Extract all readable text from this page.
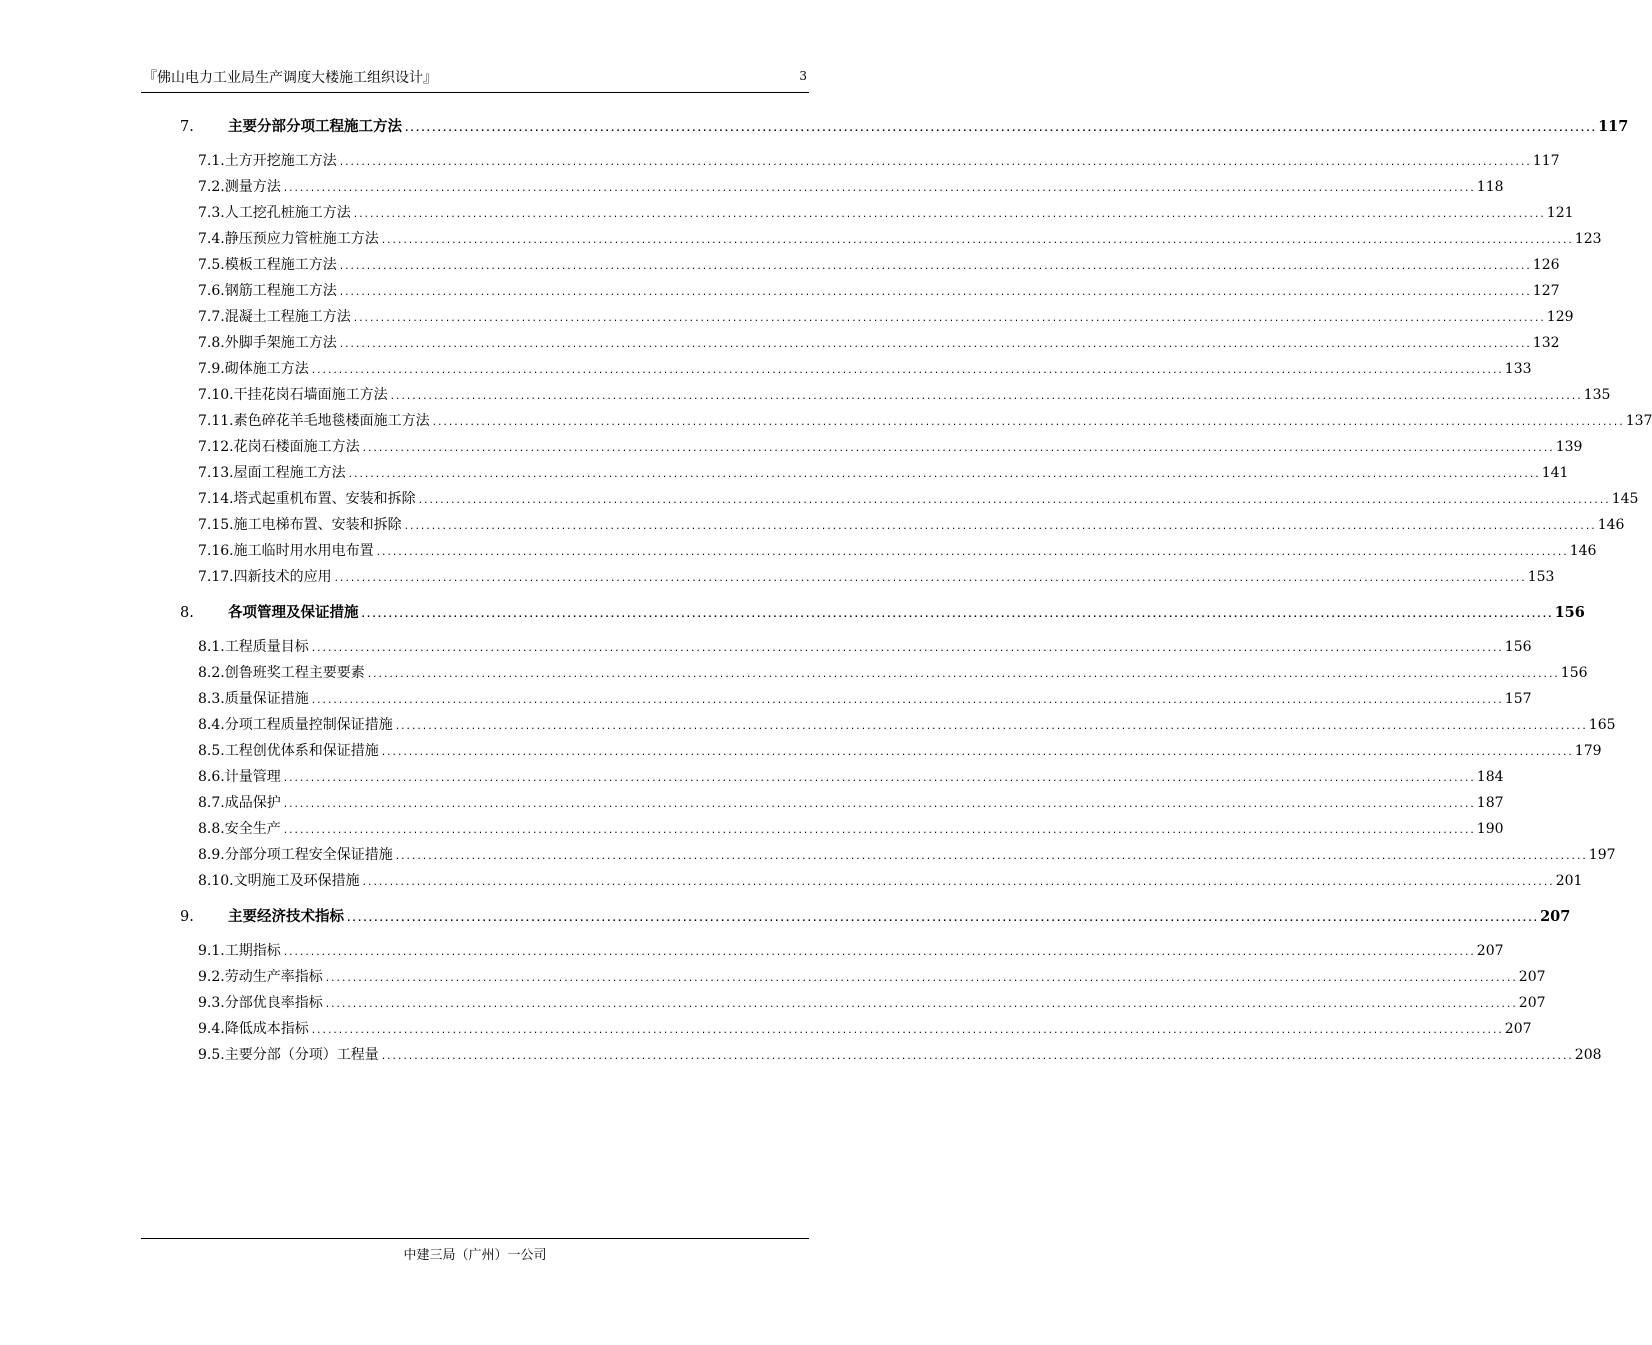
『佛山电力工业局生产调度大楼施工组织设计』	3
7. 主要分部分项工程施工方法 ............................................................................................................................................................................................................................ 117
7.1.土方开挖施工方法 ............................................................................................................................................................................................................................ 117
7.2.测量方法 ............................................................................................................................................................................................................................ 118
7.3.人工挖孔桩施工方法 ............................................................................................................................................................................................................................ 121
7.4.静压预应力管桩施工方法 ............................................................................................................................................................................................................................ 123
7.5.模板工程施工方法 ............................................................................................................................................................................................................................ 126
7.6.钢筋工程施工方法 ............................................................................................................................................................................................................................ 127
7.7.混凝土工程施工方法 ............................................................................................................................................................................................................................ 129
7.8.外脚手架施工方法 ............................................................................................................................................................................................................................ 132
7.9.砌体施工方法 ............................................................................................................................................................................................................................ 133
7.10.干挂花岗石墙面施工方法 ............................................................................................................................................................................................................................ 135
7.11.素色碎花羊毛地毯楼面施工方法 ............................................................................................................................................................................................................................ 137
7.12.花岗石楼面施工方法 ............................................................................................................................................................................................................................ 139
7.13.屋面工程施工方法 ............................................................................................................................................................................................................................ 141
7.14.塔式起重机布置、安装和拆除 ............................................................................................................................................................................................................................ 145
7.15.施工电梯布置、安装和拆除 ............................................................................................................................................................................................................................ 146
7.16.施工临时用水用电布置 ............................................................................................................................................................................................................................ 146
7.17.四新技术的应用 ............................................................................................................................................................................................................................ 153
8. 各项管理及保证措施 ............................................................................................................................................................................................................................ 156
8.1.工程质量目标 ............................................................................................................................................................................................................................ 156
8.2.创鲁班奖工程主要要素 ............................................................................................................................................................................................................................ 156
8.3.质量保证措施 ............................................................................................................................................................................................................................ 157
8.4.分项工程质量控制保证措施 ............................................................................................................................................................................................................................ 165
8.5.工程创优体系和保证措施 ............................................................................................................................................................................................................................ 179
8.6.计量管理 ............................................................................................................................................................................................................................ 184
8.7.成品保护 ............................................................................................................................................................................................................................ 187
8.8.安全生产 ............................................................................................................................................................................................................................ 190
8.9.分部分项工程安全保证措施 ............................................................................................................................................................................................................................ 197
8.10.文明施工及环保措施 ............................................................................................................................................................................................................................ 201
9. 主要经济技术指标 ............................................................................................................................................................................................................................ 207
9.1.工期指标 ............................................................................................................................................................................................................................ 207
9.2.劳动生产率指标 ............................................................................................................................................................................................................................ 207
9.3.分部优良率指标 ............................................................................................................................................................................................................................ 207
9.4.降低成本指标 ............................................................................................................................................................................................................................ 207
9.5.主要分部（分项）工程量 ............................................................................................................................................................................................................................ 208
中建三局（广州）一公司
